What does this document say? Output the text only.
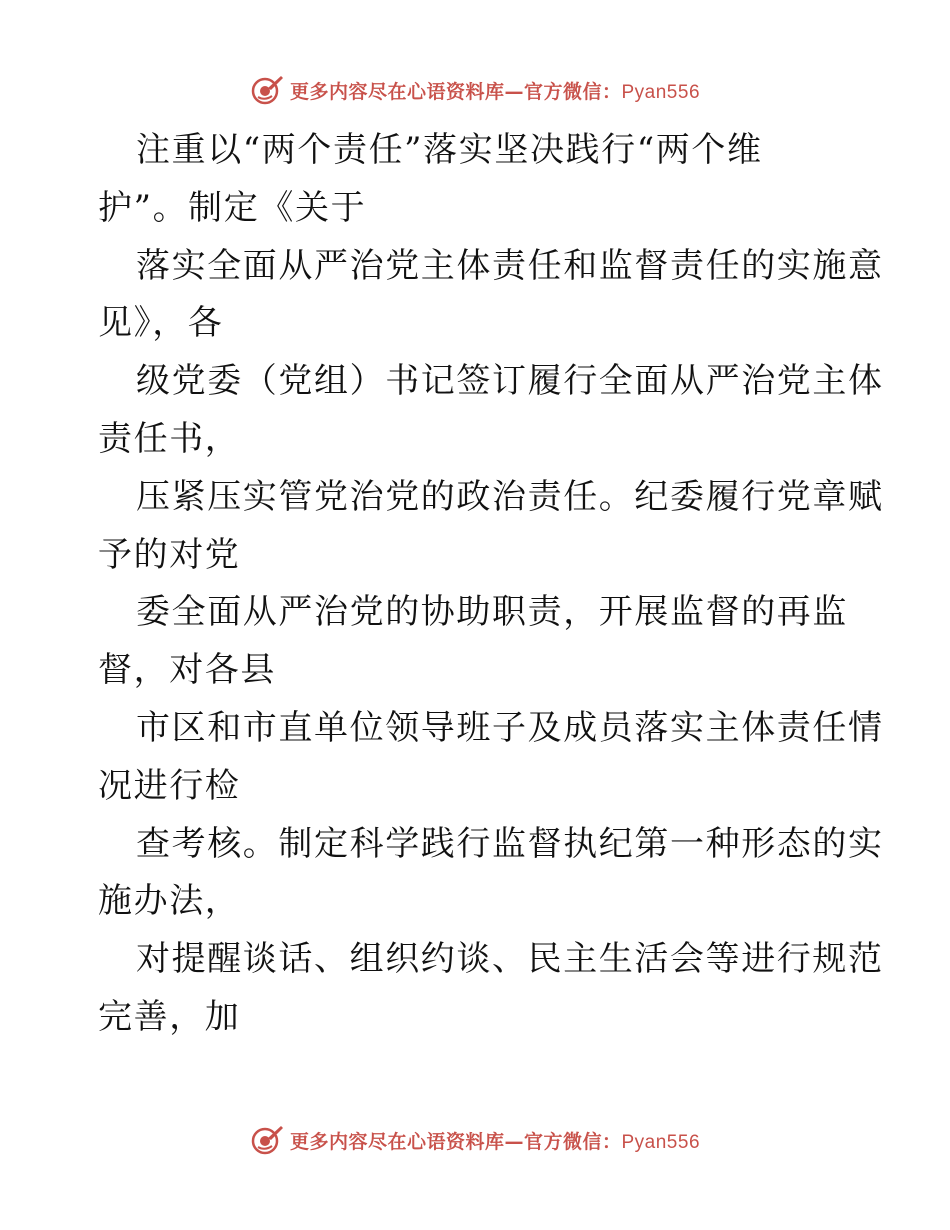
更多内容尽在心语资料库—官方微信：Pyan556
注重以“两个责任”落实坚决践行“两个维
护”。制定《关于
落实全面从严治党主体责任和监督责任的实施意
见》，各
级党委（党组）书记签订履行全面从严治党主体
责任书，
压紧压实管党治党的政治责任。纪委履行党章赋
予的对党
委全面从严治党的协助职责，开展监督的再监
督，对各县
市区和市直单位领导班子及成员落实主体责任情
况进行检
查考核。制定科学践行监督执纪第一种形态的实
施办法，
对提醒谈话、组织约谈、民主生活会等进行规范
完善，加
更多内容尽在心语资料库—官方微信：Pyan556
